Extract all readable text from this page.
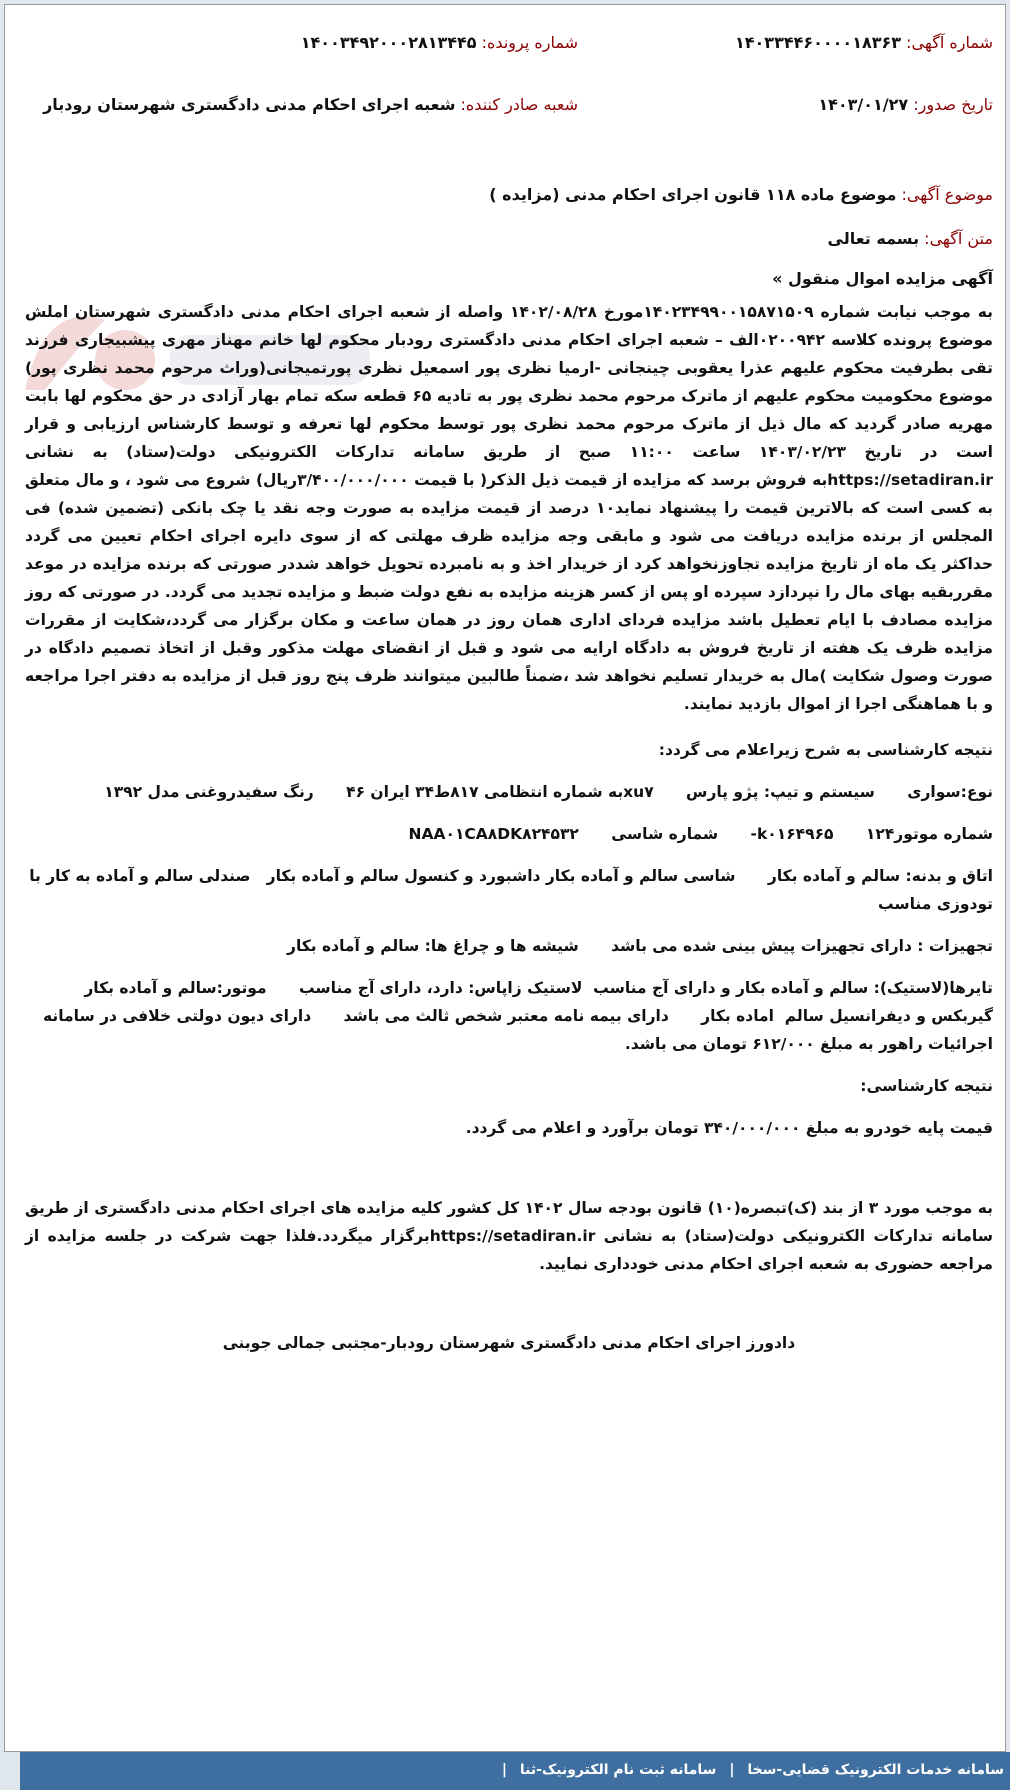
شماره آگهی: ۱۴۰۳۳۴۴۶۰۰۰۰۱۸۳۶۳
شماره پرونده: ۱۴۰۰۳۴۹۲۰۰۰۲۸۱۳۴۴۵
تاریخ صدور: ۱۴۰۳/۰۱/۲۷
شعبه صادر کننده: شعبه اجرای احکام مدنی دادگستری شهرستان رودبار
موضوع آگهی: موضوع ماده ۱۱۸ قانون اجرای احکام مدنی (مزایده )
متن آگهی: بسمه تعالی
آگهی مزایده اموال منقول »
به موجب نیابت شماره ۱۴۰۲۳۴۹۹۰۰۱۵۸۷۱۵۰۹مورخ ۱۴۰۲/۰۸/۲۸ واصله از شعبه اجرای احکام مدنی دادگستری شهرستان املش موضوع پرونده کلاسه ۰۲۰۰۹۴۲الف – شعبه اجرای احکام مدنی دادگستری رودبار محکوم لها خانم مهناز مهری پیشبیجاری فرزند تقی بطرفیت محکوم علیهم عذرا یعقوبی چینجانی -ارمیا نظری پور اسمعیل نظری پورتمیجانی(وراث مرحوم محمد نظری پور) موضوع محکومیت محکوم علیهم از ماترک مرحوم محمد نظری پور به تادیه ۶۵ قطعه سکه تمام بهار آزادی در حق محکوم لها بابت مهریه صادر گردید که مال ذیل از ماترک مرحوم محمد نظری پور توسط محکوم لها تعرفه و توسط کارشناس ارزیابی و قرار است در تاریخ ۱۴۰۳/۰۲/۲۳ ساعت ۱۱:۰۰ صبح از طریق سامانه تدارکات الکترونیکی دولت(ستاد) به نشانی https://setadiran.irبه فروش برسد که مزایده از قیمت ذیل الذکر( با قیمت ۳/۴۰۰/۰۰۰/۰۰۰ریال) شروع می شود ، و مال متعلق به کسی است که بالاترین قیمت را پیشنهاد نماید۱۰ درصد از قیمت مزایده به صورت وجه نقد یا چک بانکی (تضمین شده) فی المجلس از برنده مزایده دریافت می شود و مابقی وجه مزایده ظرف مهلتی که از سوی دایره اجرای احکام تعیین می گردد حداکثر یک ماه از تاریخ مزایده تجاوزنخواهد کرد از خریدار اخذ و به نامبرده تحویل خواهد شددر صورتی که برنده مزایده در موعد مقرربقیه بهای مال را نپردازد سپرده او پس از کسر هزینه مزایده به نفع دولت ضبط و مزایده تجدید می گردد. در صورتی که روز مزایده مصادف با ایام تعطیل باشد مزایده فردای اداری همان روز در همان ساعت و مکان برگزار می گردد،شکایت از مقررات مزایده ظرف یک هفته از تاریخ فروش به دادگاه ارایه می شود و قبل از انقضای مهلت مذکور وقبل از اتخاذ تصمیم دادگاه در صورت وصول شکایت )مال به خریدار تسلیم نخواهد شد ،ضمناً طالبین میتوانند ظرف پنج روز قبل از مزایده به دفتر اجرا مراجعه و با هماهنگی اجرا از اموال بازدید نمایند.
نتیجه کارشناسی به شرح زیراعلام می گردد:
نوع:سواری      سیستم و تیپ: پژو پارس      xu۷به شماره انتظامی ۸۱۷ط۳۴ ایران ۴۶      رنگ سفیدروغنی مدل ۱۳۹۲
شماره موتور۱۲۴      k۰۱۶۴۹۶۵-      شماره شاسی      NAA۰۱CA۸DK۸۲۴۵۳۲
اتاق و بدنه: سالم و آماده بکار      شاسی سالم و آماده بکار داشبورد و کنسول سالم و آماده بکار   صندلی سالم و آماده به کار با تودوزی مناسب
تجهیزات : دارای تجهیزات پیش بینی شده می باشد      شیشه ها و چراغ ها: سالم و آماده بکار
تایرها(لاستیک): سالم و آماده بکار و دارای آج مناسب  لاستیک زاپاس: دارد، دارای آج مناسب      موتور:سالم و آماده بکار گیربکس و دیفرانسیل سالم  اماده بکار      دارای بیمه نامه معتبر شخص ثالث می باشد      دارای دیون دولتی خلافی در سامانه اجرائیات راهور به مبلغ ۶۱۲/۰۰۰ تومان می باشد.
نتیجه کارشناسی:
قیمت پایه خودرو به مبلغ ۳۴۰/۰۰۰/۰۰۰ تومان برآورد و اعلام می گردد.
به موجب مورد ۳ از بند (ک)تبصره(۱۰) قانون بودجه سال ۱۴۰۲ کل کشور کلیه مزایده های اجرای احکام مدنی دادگستری از طریق سامانه تدارکات الکترونیکی دولت(ستاد) به نشانی https://setadiran.irبرگزار میگردد.فلذا جهت شرکت در جلسه مزایده از مراجعه حضوری به شعبه اجرای احکام مدنی خودداری نمایید.
دادورز اجرای احکام مدنی دادگستری شهرستان رودبار-مجتبی جمالی جوبنی
سامانه خدمات الکترونیک قضایی-سخا | سامانه ثبت نام الکترونیک-ثنا |
